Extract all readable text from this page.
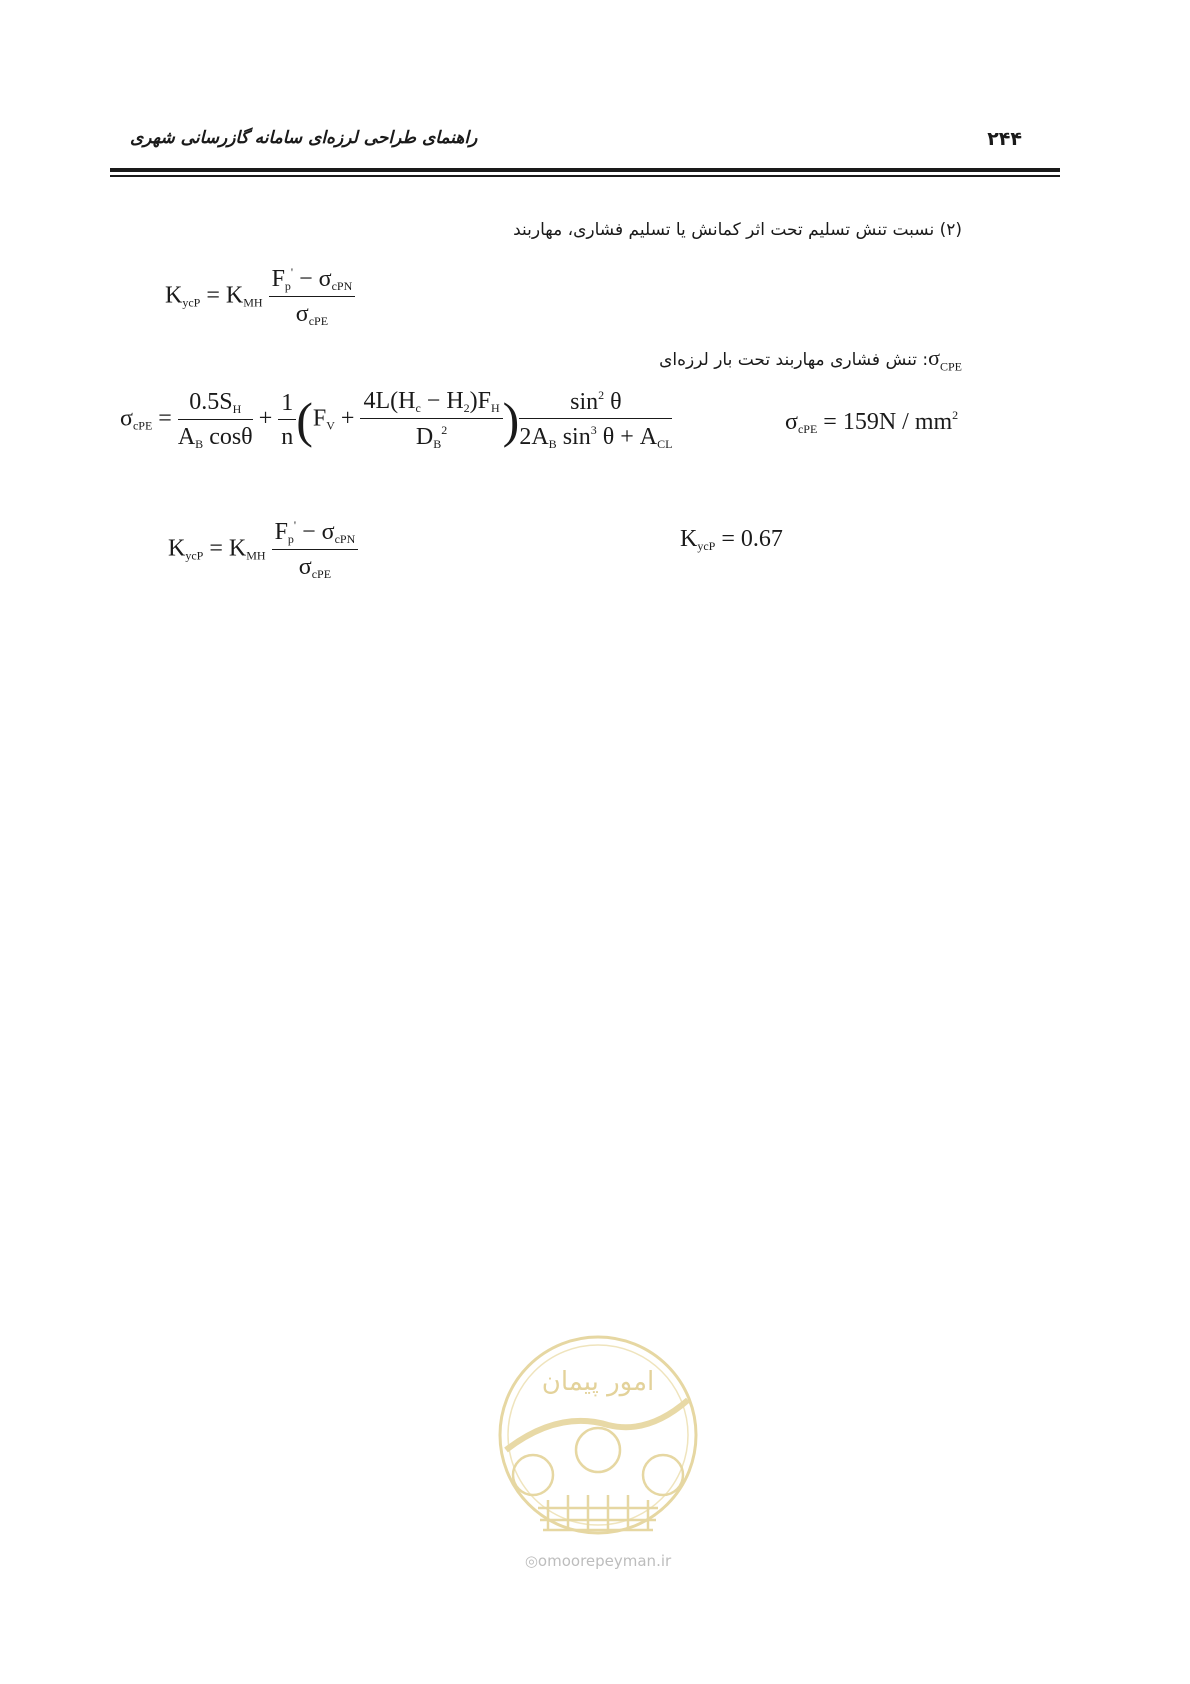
راهنمای طراحی لرزه‌ای سامانه گازرسانی شهری	۲۴۴
(۲) نسبت تنش تسلیم تحت اثر کمانش یا تسلیم فشاری، مهاربند
$K_{ycP} = K_{MH} \frac{F_p' - \sigma_{cPN}}{\sigma_{cPE}}$
: تنش فشاری مهاربند تحت بار لرزه‌ای $\sigma_{CPE}$
$\sigma_{cPE} = \frac{0.5S_H}{A_B \cos\theta} + \frac{1}{n} (F_V + \frac{4L(H_c - H_2)F_H}{D_B^2}$ ) $\frac{\sin^2 \theta}{2A_B \sin^3 \theta + A_{CL}}$	$\sigma_{cPE} = 159N / mm^2$
$K_{ycP} = K_{MH} \frac{F_p' - \sigma_{cPN}}{\sigma_{cPE}}$	$K_{ycP} = 0.67$
امور پیمان
◎omoorepeyman.ir
